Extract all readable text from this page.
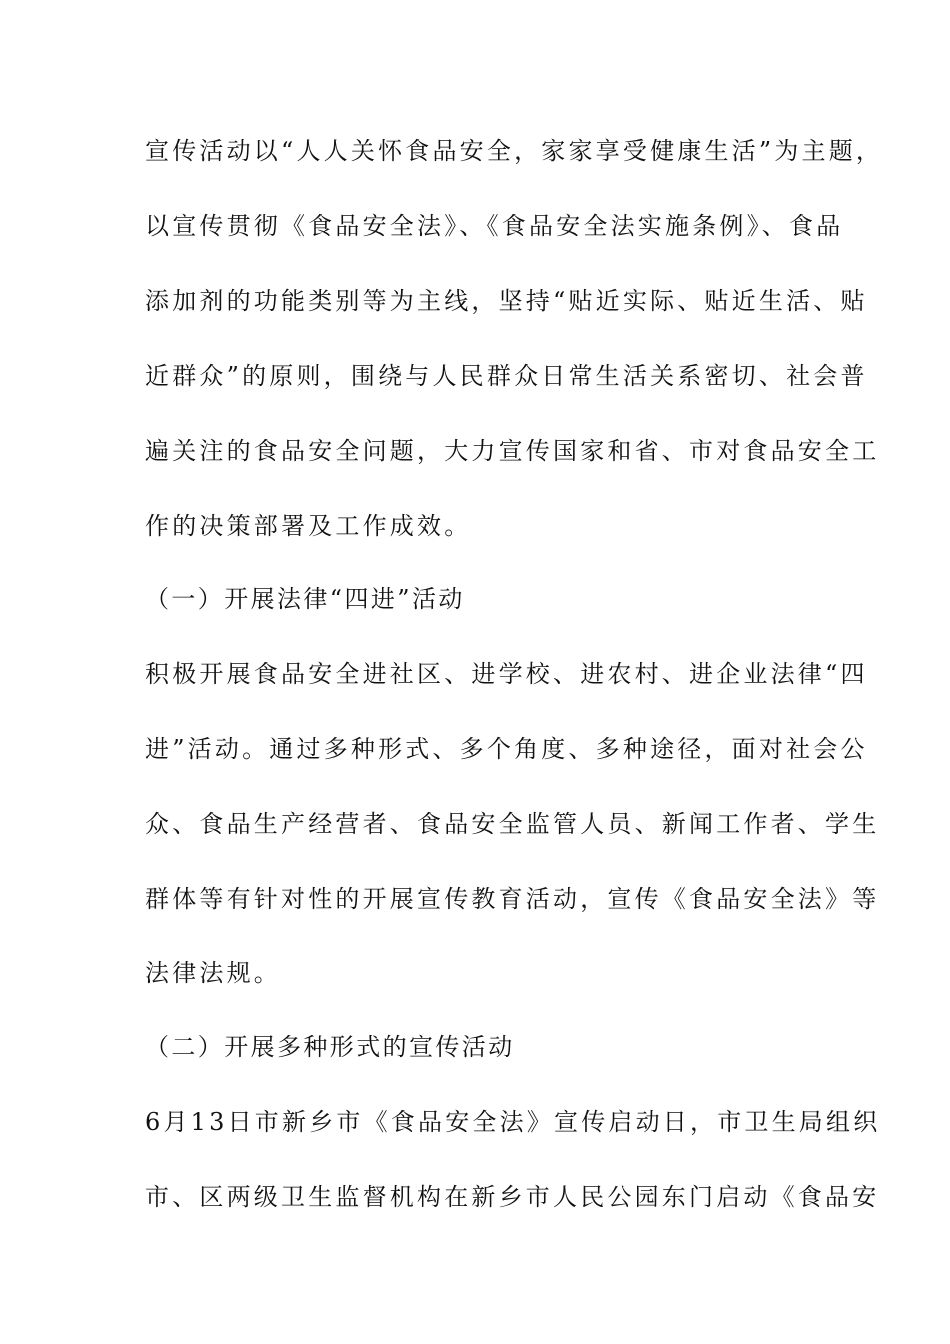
宣传活动以“人人关怀食品安全，家家享受健康生活”为主题，
以宣传贯彻《食品安全法》、《食品安全法实施条例》、食品
添加剂的功能类别等为主线，坚持“贴近实际、贴近生活、贴
近群众”的原则，围绕与人民群众日常生活关系密切、社会普
遍关注的食品安全问题，大力宣传国家和省、市对食品安全工
作的决策部署及工作成效。
（一）开展法律“四进”活动
积极开展食品安全进社区、进学校、进农村、进企业法律“四
进”活动。通过多种形式、多个角度、多种途径，面对社会公
众、食品生产经营者、食品安全监管人员、新闻工作者、学生
群体等有针对性的开展宣传教育活动，宣传《食品安全法》等
法律法规。
（二）开展多种形式的宣传活动
6月13日市新乡市《食品安全法》宣传启动日，市卫生局组织
市、区两级卫生监督机构在新乡市人民公园东门启动《食品安
